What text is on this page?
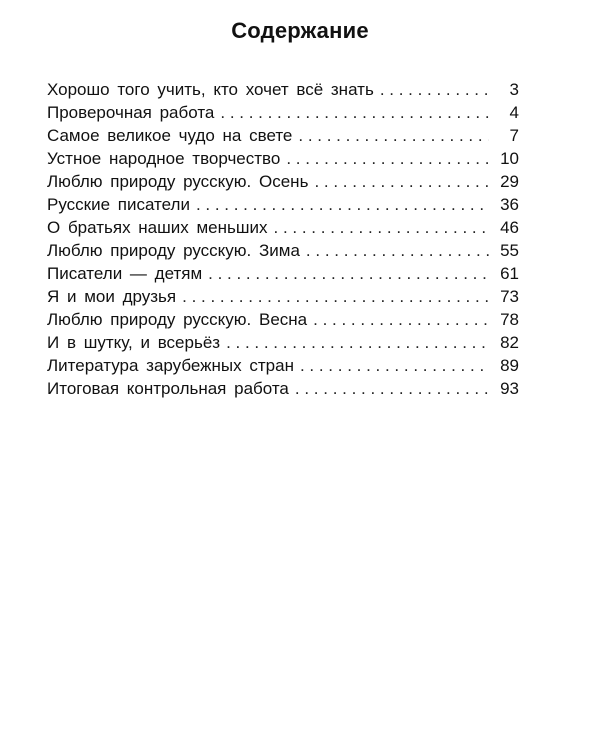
Содержание
Хорошо того учить, кто хочет всё знать . . .	3
Проверочная работа . . .	4
Самое великое чудо на свете . . .	7
Устное народное творчество . . .	10
Люблю природу русскую. Осень . . .	29
Русские писатели . . .	36
О братьях наших меньших . . .	46
Люблю природу русскую. Зима . . .	55
Писатели — детям . . .	61
Я и мои друзья . . .	73
Люблю природу русскую. Весна . . .	78
И в шутку, и всерьёз . . .	82
Литература зарубежных стран . . .	89
Итоговая контрольная работа . . .	93
